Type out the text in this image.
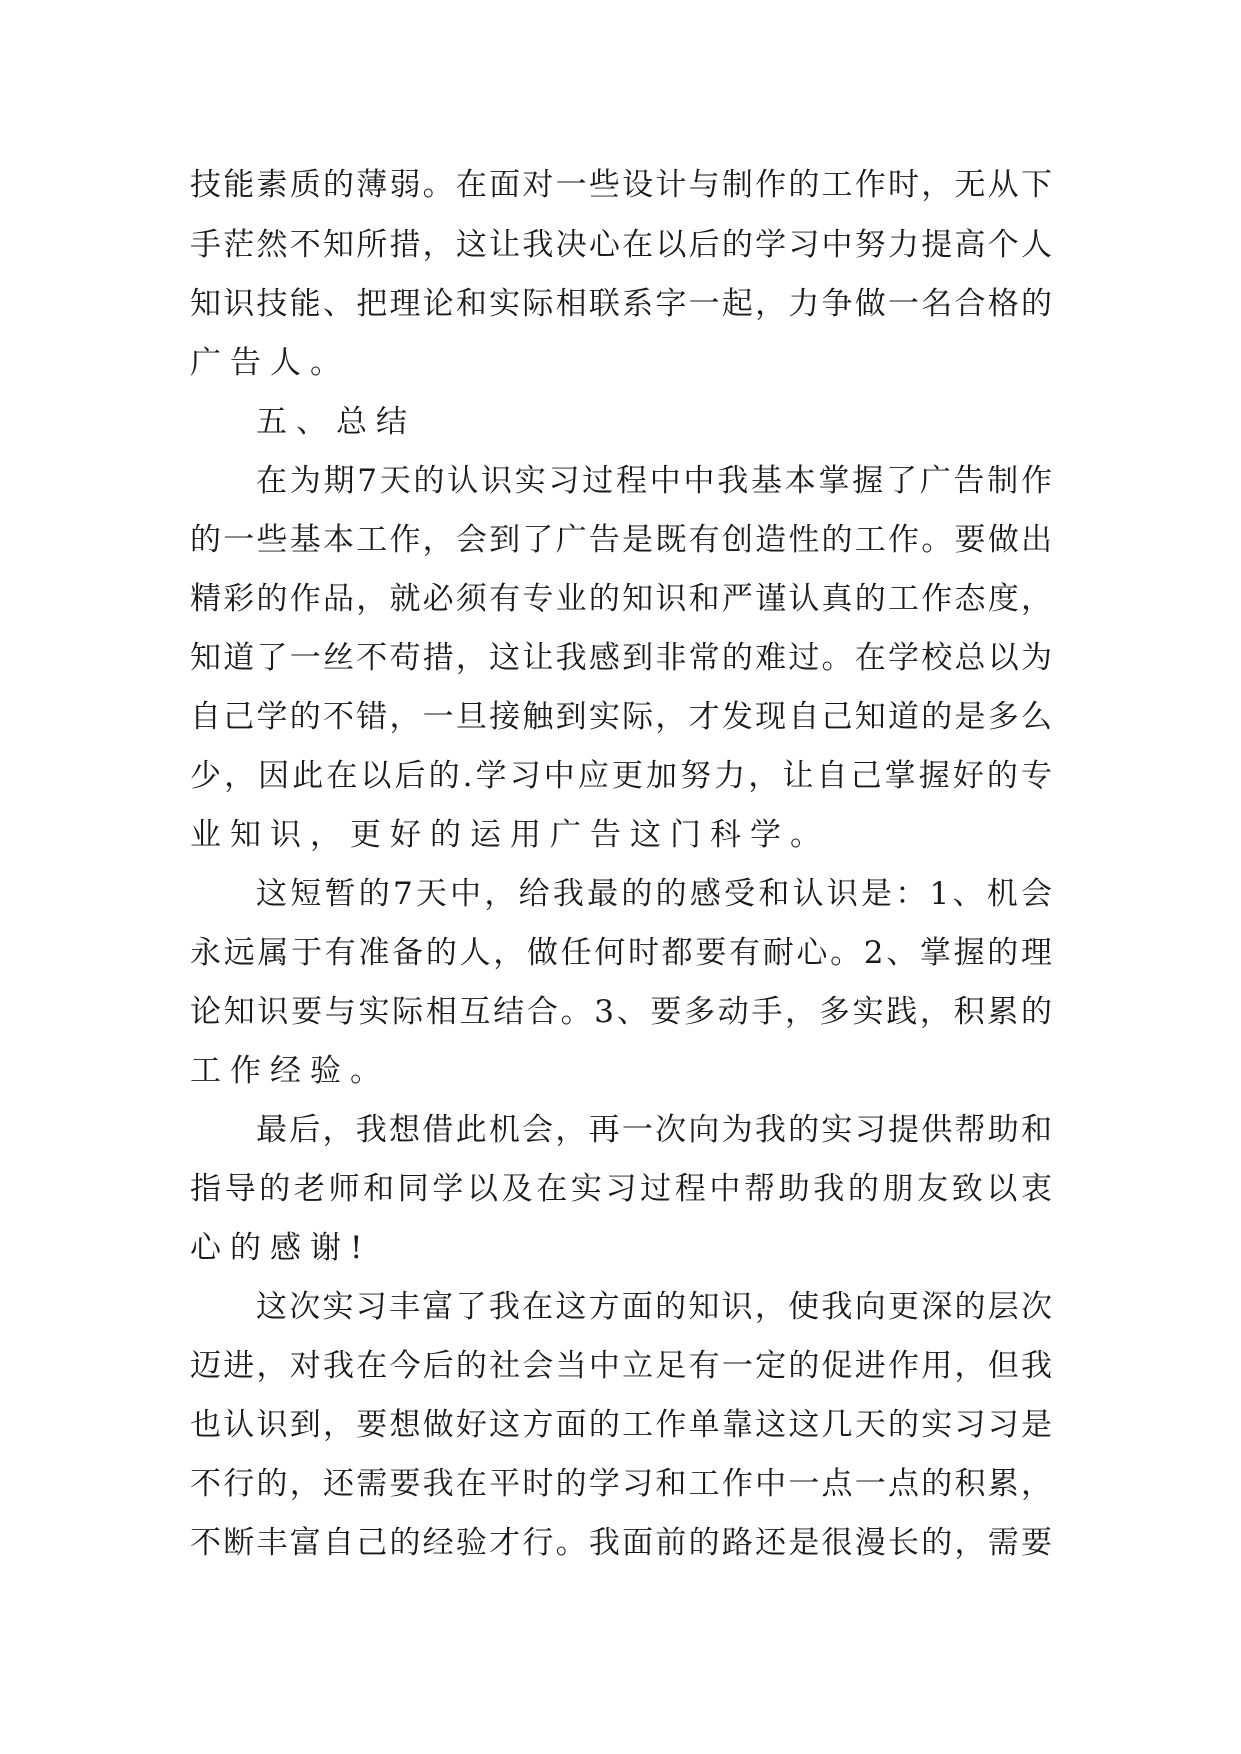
技能素质的薄弱。在面对一些设计与制作的工作时，无从下
手茫然不知所措，这让我决心在以后的学习中努力提高个人
知识技能、把理论和实际相联系字一起，力争做一名合格的
广告人。
五、总结
在为期7天的认识实习过程中中我基本掌握了广告制作
的一些基本工作，会到了广告是既有创造性的工作。要做出
精彩的作品，就必须有专业的知识和严谨认真的工作态度，
知道了一丝不苟措，这让我感到非常的难过。在学校总以为
自己学的不错，一旦接触到实际，才发现自己知道的是多么
少，因此在以后的.学习中应更加努力，让自己掌握好的专
业知识，更好的运用广告这门科学。
这短暂的7天中，给我最的的感受和认识是：1、机会
永远属于有准备的人，做任何时都要有耐心。2、掌握的理
论知识要与实际相互结合。3、要多动手，多实践，积累的
工作经验。
最后，我想借此机会，再一次向为我的实习提供帮助和
指导的老师和同学以及在实习过程中帮助我的朋友致以衷
心的感谢!
这次实习丰富了我在这方面的知识，使我向更深的层次
迈进，对我在今后的社会当中立足有一定的促进作用，但我
也认识到，要想做好这方面的工作单靠这这几天的实习习是
不行的，还需要我在平时的学习和工作中一点一点的积累，
不断丰富自己的经验才行。我面前的路还是很漫长的，需要
